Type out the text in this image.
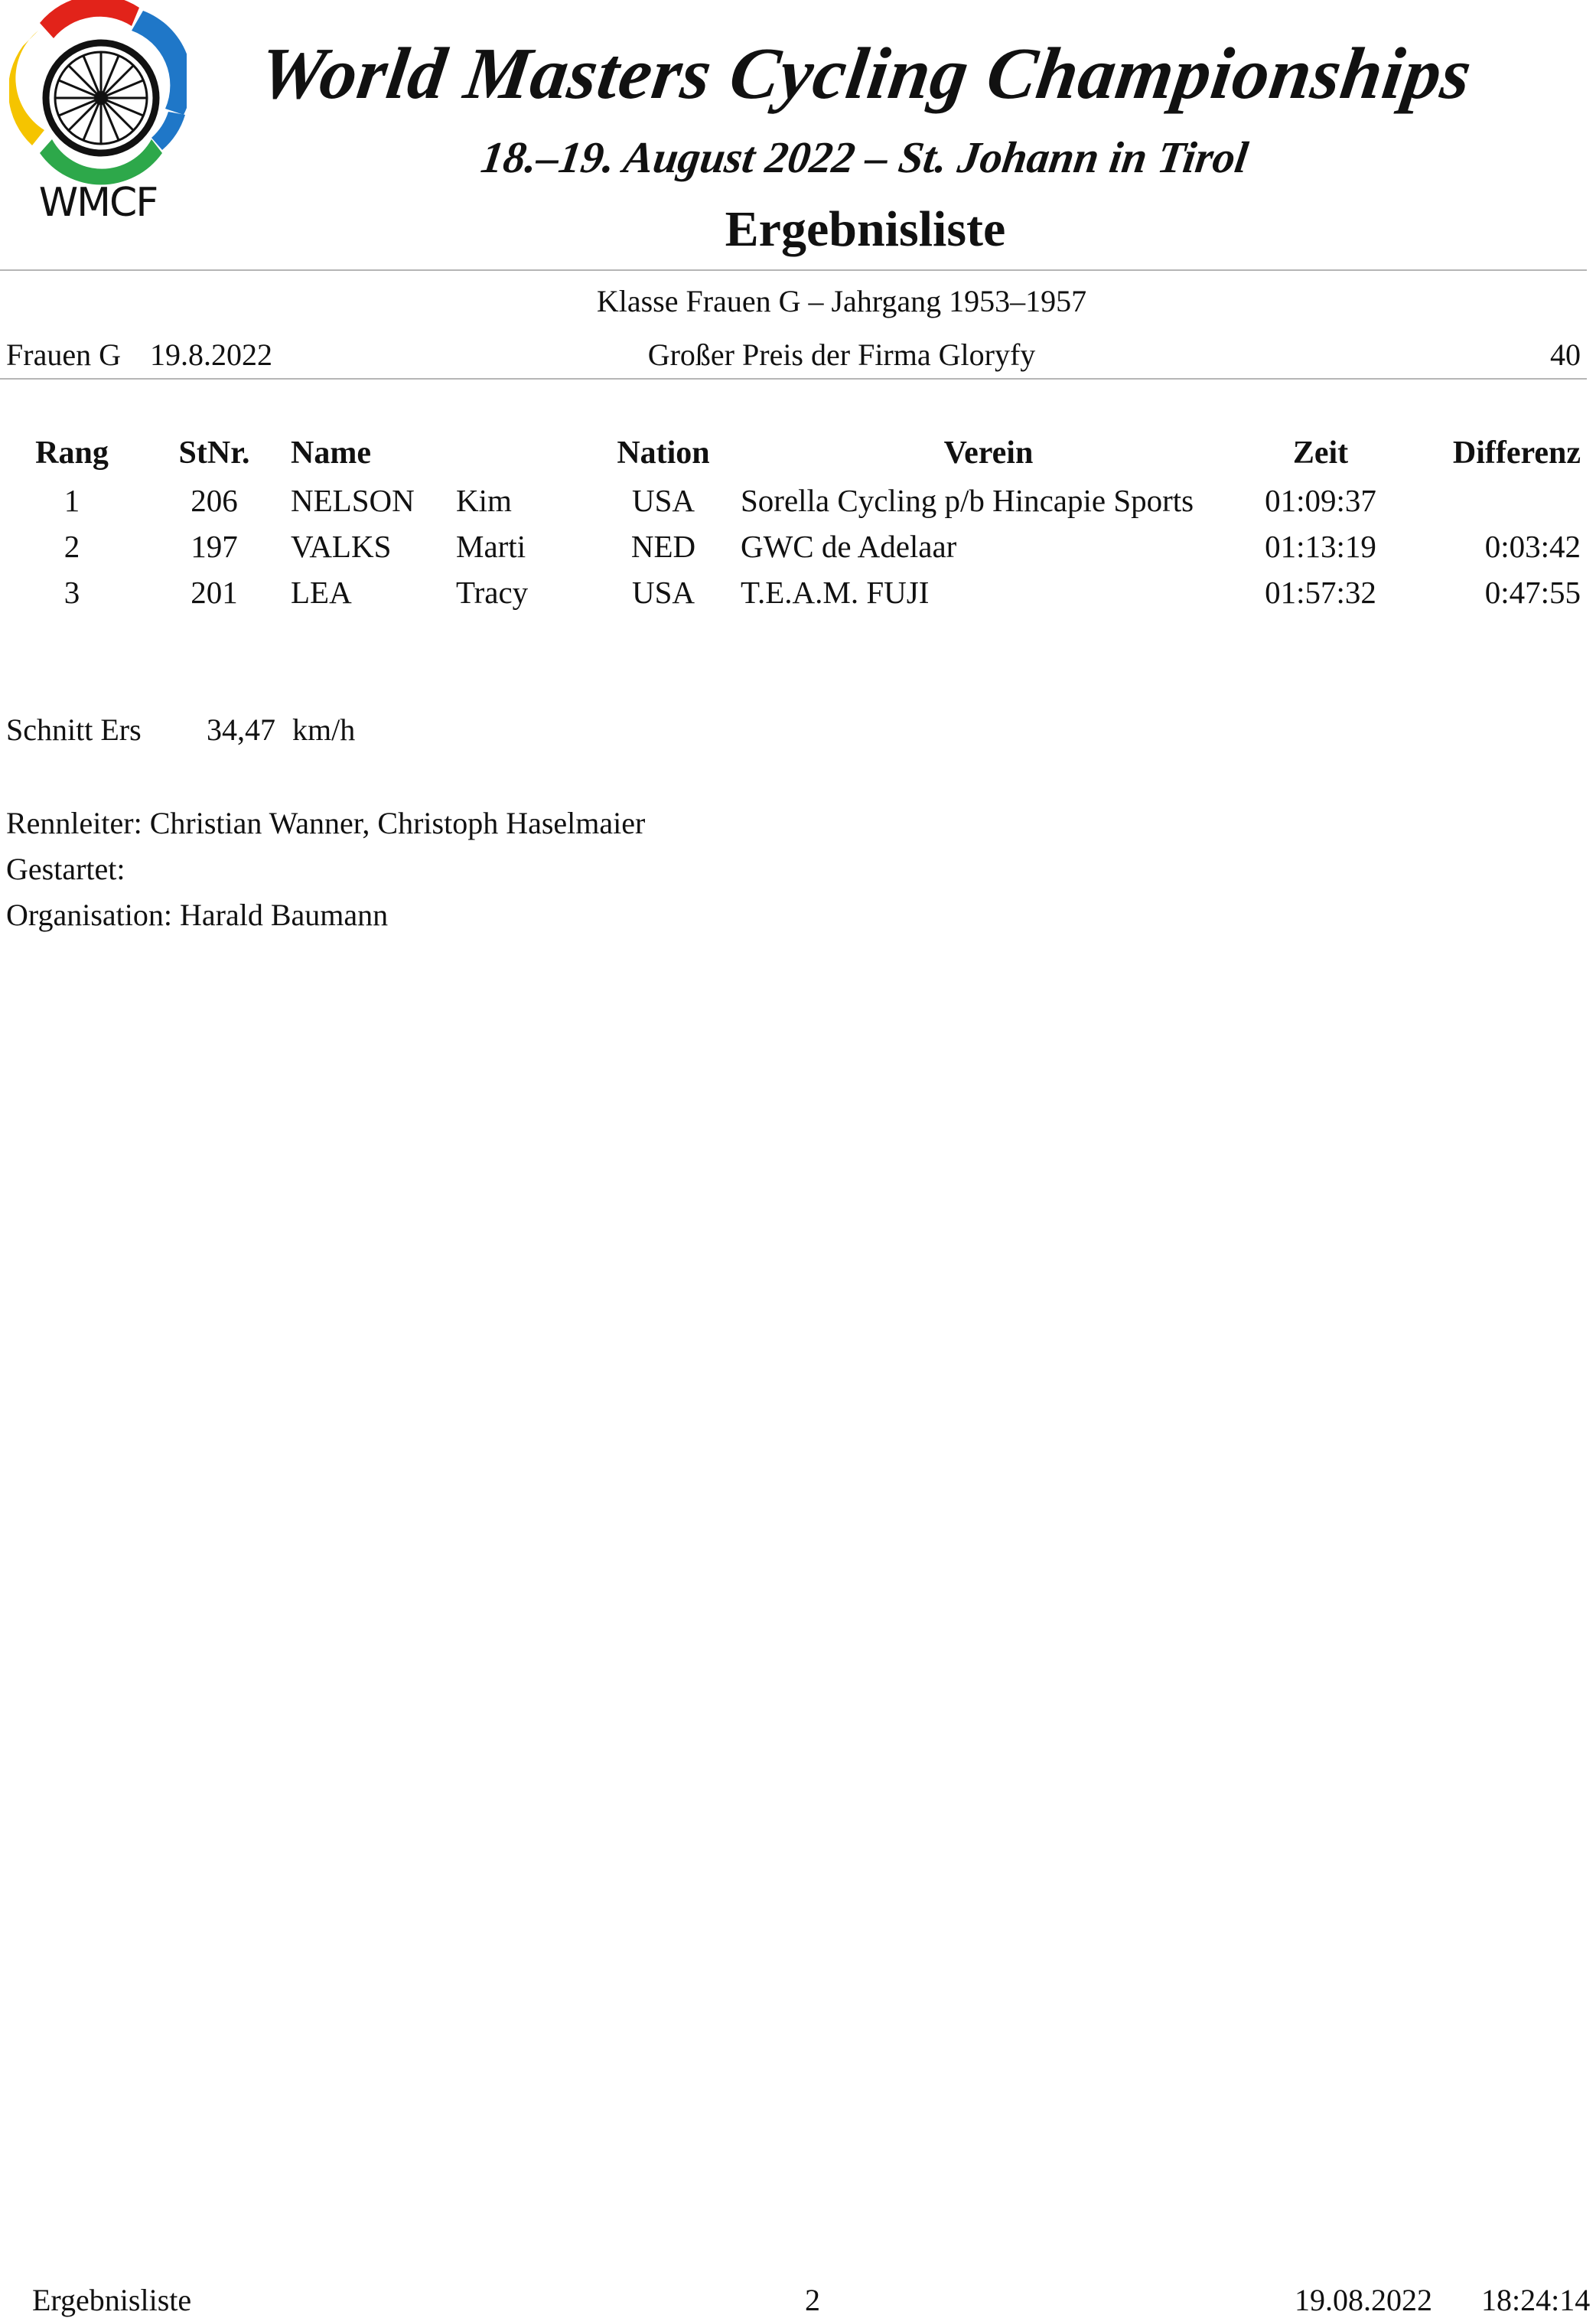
WMCF
World Masters Cycling Championships
18.–19. August 2022 – St. Johann in Tirol
Ergebnisliste
Klasse Frauen G – Jahrgang 1953–1957
Großer Preis der Firma Gloryfy
Frauen G 19.8.2022	40
Rang	StNr.	Name	Nation	Verein	Zeit	Differenz
1	206	NELSON Kim	USA	Sorella Cycling p/b Hincapie Sports	01:09:37
2	197	VALKS Marti	NED	GWC de Adelaar	01:13:19	0:03:42
3	201	LEA	Tracy	USA	T.E.A.M. FUJI	01:57:32	0:47:55
Schnitt Ers 34,47 km/h
Rennleiter: Christian Wanner, Christoph Haselmaier
Gestartet:
Organisation: Harald Baumann
Ergebnisliste	2	19.08.2022 18:24:14
